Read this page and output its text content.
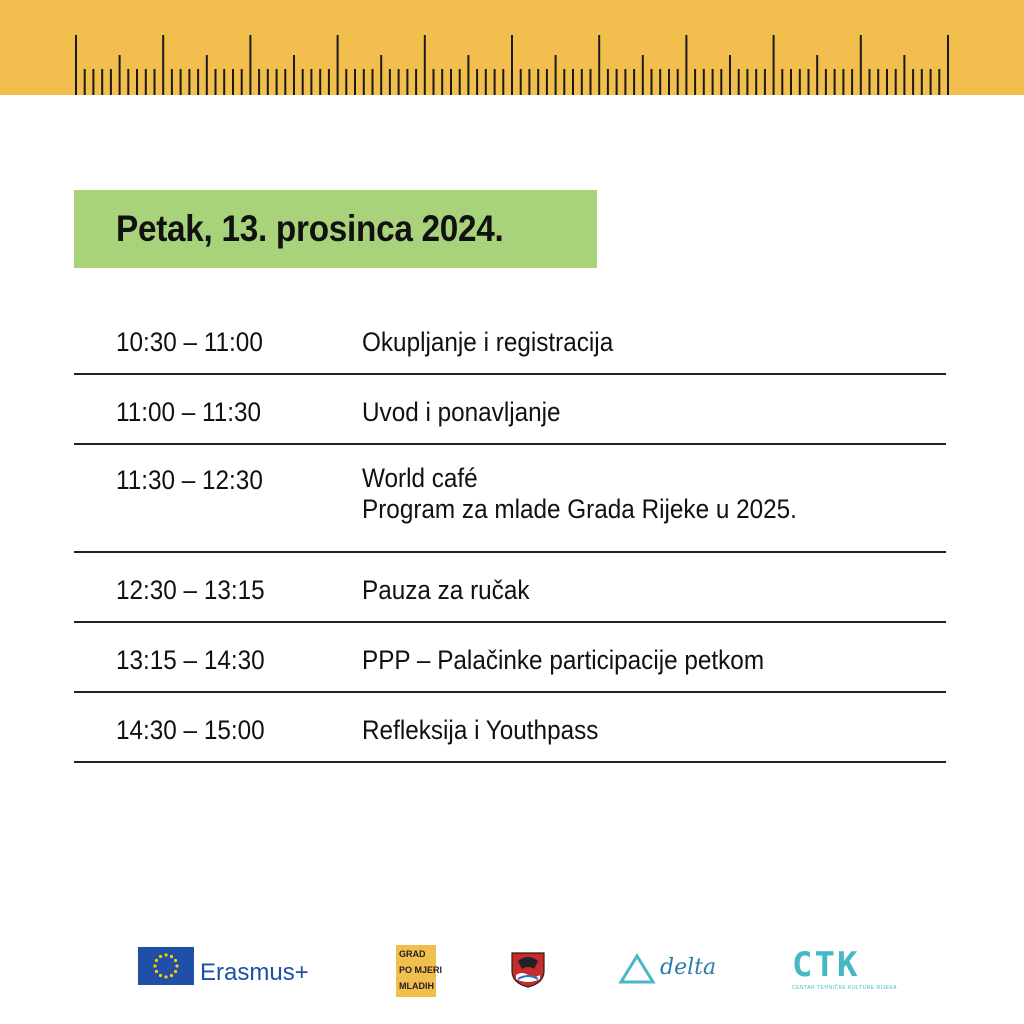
Petak, 13. prosinca 2024.
10:30 – 11:00	Okupljanje i registracija
11:00 – 11:30	Uvod i ponavljanje
11:30 – 12:30	World café
Program za mlade Grada Rijeke u 2025.
12:30 – 13:15	Pauza za ručak
13:15 – 14:30	PPP – Palačinke participacije petkom
14:30 – 15:00	Refleksija i Youthpass
Erasmus+
GRAD
PO MJERI
MLADIH
delta CTK
CENTAR TEHNIČKE KULTURE RIJEKA
